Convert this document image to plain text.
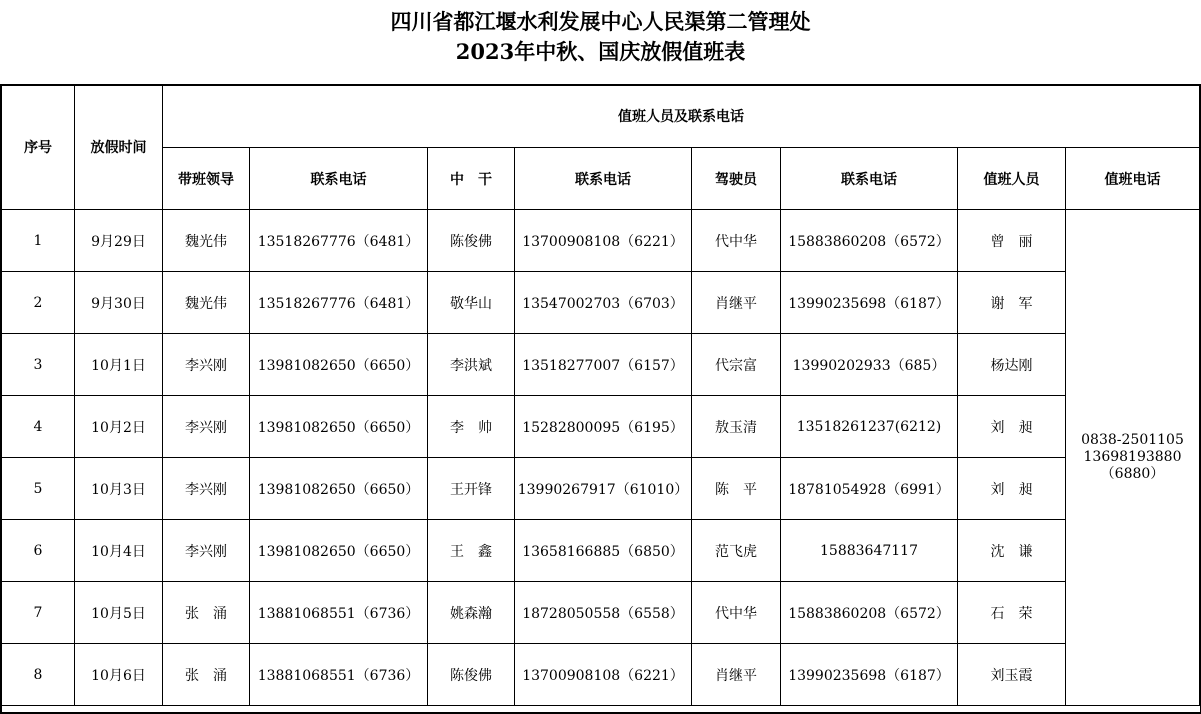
四川省都江堰水利发展中心人民渠第二管理处
2023年中秋、国庆放假值班表
序号	放假时间	值班人员及联系电话							
		带班领导	联系电话	中　干	联系电话	驾驶员	联系电话	值班人员	值班电话
1	9月29日	魏光伟	13518267776（6481）	陈俊佛	13700908108（6221）	代中华	15883860208（6572）	曾　丽	0838-2501105
13698193880
（6880）

2	9月30日	魏光伟	13518267776（6481）	敬华山	13547002703（6703）	肖继平	13990235698（6187）	谢　军	
3	10月1日	李兴刚	13981082650（6650）	李洪斌	13518277007（6157）	代宗富	13990202933（685）	杨达刚	
4	10月2日	李兴刚	13981082650（6650）	李　帅	15282800095（6195）	敖玉清	13518261237(6212)	刘　昶	
5	10月3日	李兴刚	13981082650（6650）	王开锋	13990267917（61010）	陈　平	18781054928（6991）	刘　昶	
6	10月4日	李兴刚	13981082650（6650）	王　鑫	13658166885（6850）	范飞虎	15883647117	沈　谦	
7	10月5日	张　涌	13881068551（6736）	姚森瀚	18728050558（6558）	代中华	15883860208（6572）	石　荣	
8	10月6日	张　涌	13881068551（6736）	陈俊佛	13700908108（6221）	肖继平	13990235698（6187）	刘玉霞	
